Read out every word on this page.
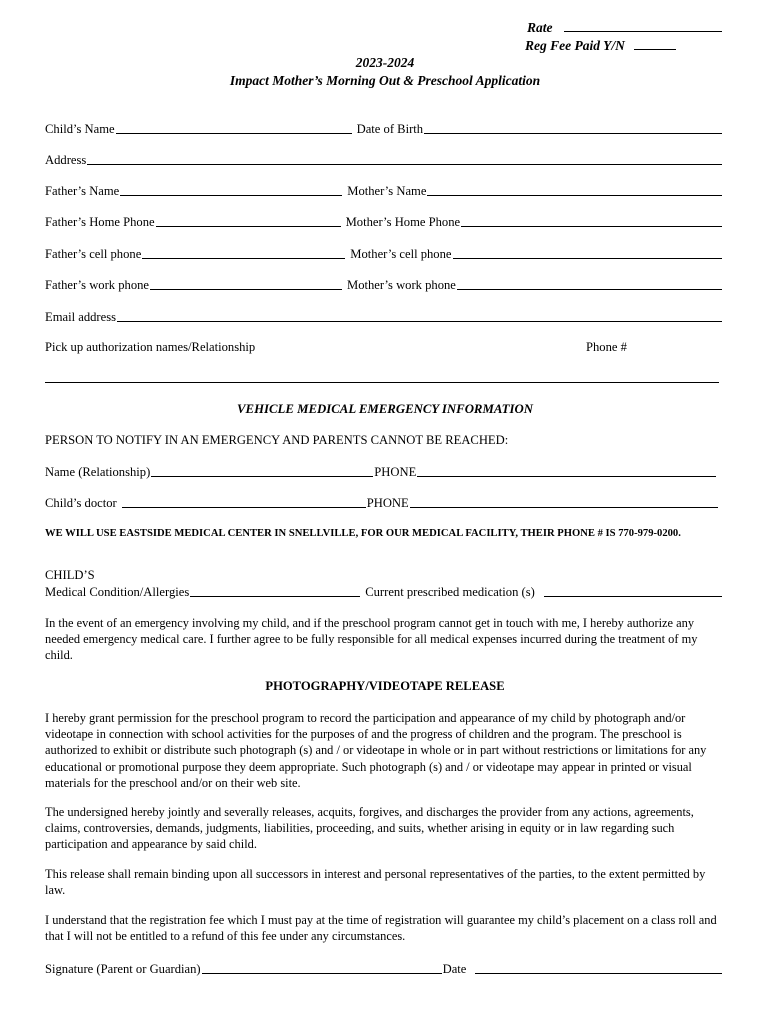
Rate
Reg Fee Paid Y/N
2023-2024
Impact Mother’s Morning Out & Preschool Application
Child’s Name	Date of Birth
Address
Father’s Name	Mother’s Name
Father’s Home Phone	Mother’s Home Phone
Father’s cell phone	Mother’s cell phone
Father’s work phone	Mother’s work phone
Email address
Pick up authorization names/Relationship	Phone #
VEHICLE MEDICAL EMERGENCY INFORMATION
PERSON TO NOTIFY IN AN EMERGENCY AND PARENTS CANNOT BE REACHED:
Name (Relationship)	PHONE
Child’s doctor	PHONE
WE WILL USE EASTSIDE MEDICAL CENTER IN SNELLVILLE, FOR OUR MEDICAL FACILITY, THEIR PHONE # IS 770-979-0200.
CHILD’S
Medical Condition/Allergies	Current prescribed medication (s)
In the event of an emergency involving my child, and if the preschool program cannot get in touch with me, I hereby authorize any needed emergency medical care. I further agree to be fully responsible for all medical expenses incurred during the treatment of my child.
PHOTOGRAPHY/VIDEOTAPE RELEASE
I hereby grant permission for the preschool program to record the participation and appearance of my child by photograph and/or videotape in connection with school activities for the purposes of and the progress of children and the program. The preschool is authorized to exhibit or distribute such photograph (s) and / or videotape in whole or in part without restrictions or limitations for any educational or promotional purpose they deem appropriate. Such photograph (s) and / or videotape may appear in printed or visual materials for the preschool and/or on their web site.
The undersigned hereby jointly and severally releases, acquits, forgives, and discharges the provider from any actions, agreements, claims, controversies, demands, judgments, liabilities, proceeding, and suits, whether arising in equity or in law regarding such participation and appearance by said child.
This release shall remain binding upon all successors in interest and personal representatives of the parties, to the extent permitted by law.
I understand that the registration fee which I must pay at the time of registration will guarantee my child’s placement on a class roll and that I will not be entitled to a refund of this fee under any circumstances.
Signature (Parent or Guardian)	Date
